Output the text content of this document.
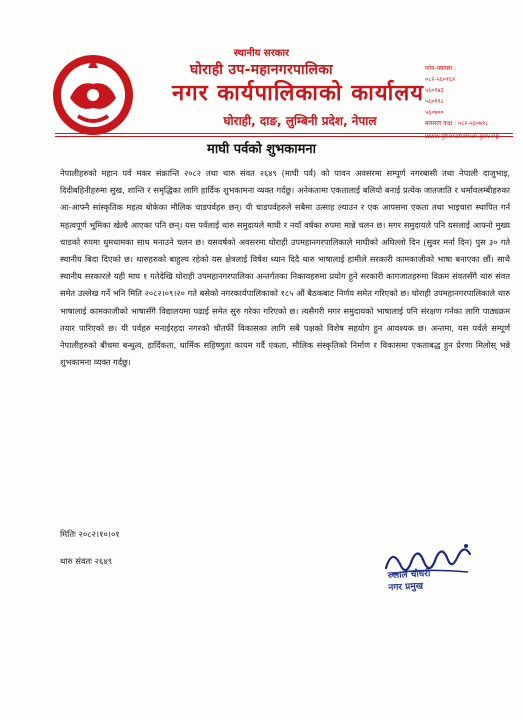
स्थानीय सरकार
घोराही उप-महानगरपालिका
नगर कार्यपालिकाको कार्यालय
घोराही, दाङ, लुम्बिनी प्रदेश, नेपाल
फोन-फ्याक्स :
०८२-५६०१६२
५६०१४३
५६०१९८
५६०७००
बासस्ता कक्ष : ०८२-५६०७१८
माघी पर्वको शुभकामना

नेपालीहरुको महान पर्व मकर संक्रान्ति २०८२ तथा थारु संवत २६४९ (माघी पर्व) को पावन अवसरमा सम्पूर्ण नगरबासी तथा नेपाली दाजुभाइ, दिदीबहिनीहरुमा सुख, शान्ति र समृद्धिका लागि हार्दिक शुभकामना व्यक्त गर्दछु। अनेकतामा एकतालाई बलियो बनाई प्रत्येक जातजाति र धर्मावलम्बीहरुका आ-आफ्नै सांस्कृतिक महत्व बोकेका मौलिक चाडपर्वहरु छन्। यी चाडपर्वहरुले सबैमा उत्साह ल्याउन र एक आपसमा एकता तथा भाइचारा स्थापित गर्न महत्वपूर्ण भूमिका खेल्दै आएका पनि छन्। यस पर्वलाई थारु समुदायले माघी र नयाँ वर्षका रुपमा मान्ने चलन छ। मगर समुदायले पनि यसलाई आफ्नो मुख्य चाडको रुपमा धुमधामका साथ मनाउने चलन छ। यसवर्षको अवसरमा घोराही उपमहानगरपालिकाले माघीको अघिल्लो दिन (सुवर मर्ना दिन) पुस ३० गते स्थानीय बिदा दिएको छ। थारुहरुको बाहुल्य रहेको यस क्षेत्रलाई विषेश ध्यान दिदै थारु भाषालाई हामीले सरकारी कामकाजीको भाषा बनाएका छौं। साथै स्थानीय सरकारले यही माघ १ गतेदेखि घोराही उपमहानगरपालिका अन्तर्गतका निकायहरुमा प्रयोग हुने सरकारी कागजातहरुमा विक्रम संवतसँगै थारु संवत समेत उल्लेख गर्ने भनि मिति २०८२।०९।२० गते बसेको नगरकार्यपालिकाको १८५ औं बैठकबाट निर्णय समेत गरिएको छ। घोराही उपमहानगरपालिकाले थारु भाषालाई कामकाजीको भाषासँगै विद्यालयमा पढाई समेत सुरु गरेका गरिएको छ। त्यसैगरी मगर समुदायको भाषालाई पनि संरक्षण गर्नका लागि पाठ्यक्रम तयार पारिएको छ। यी पर्वहरु मनाईरहदा नगरको चौतर्फी विकासका लागि सबै पक्षको विशेष सहयोग हुन आवश्यक छ। अन्तमा, यस पर्वले सम्पूर्ण नेपालीहरुको बीचमा बन्धुत्व, हार्दिकता, धार्मिक सहिष्णुता कायम गर्दै एकता, मौलिक संस्कृतिको निर्माण र विकासमा एकताबद्ध हुन प्रेरणा मिलोस् भन्ने शुभकामना व्यक्त गर्दछु।

मितिः २०८२।१०।०१
थारु संवतः २६४९
रुलाल चौधरी
नगर प्रमुख
